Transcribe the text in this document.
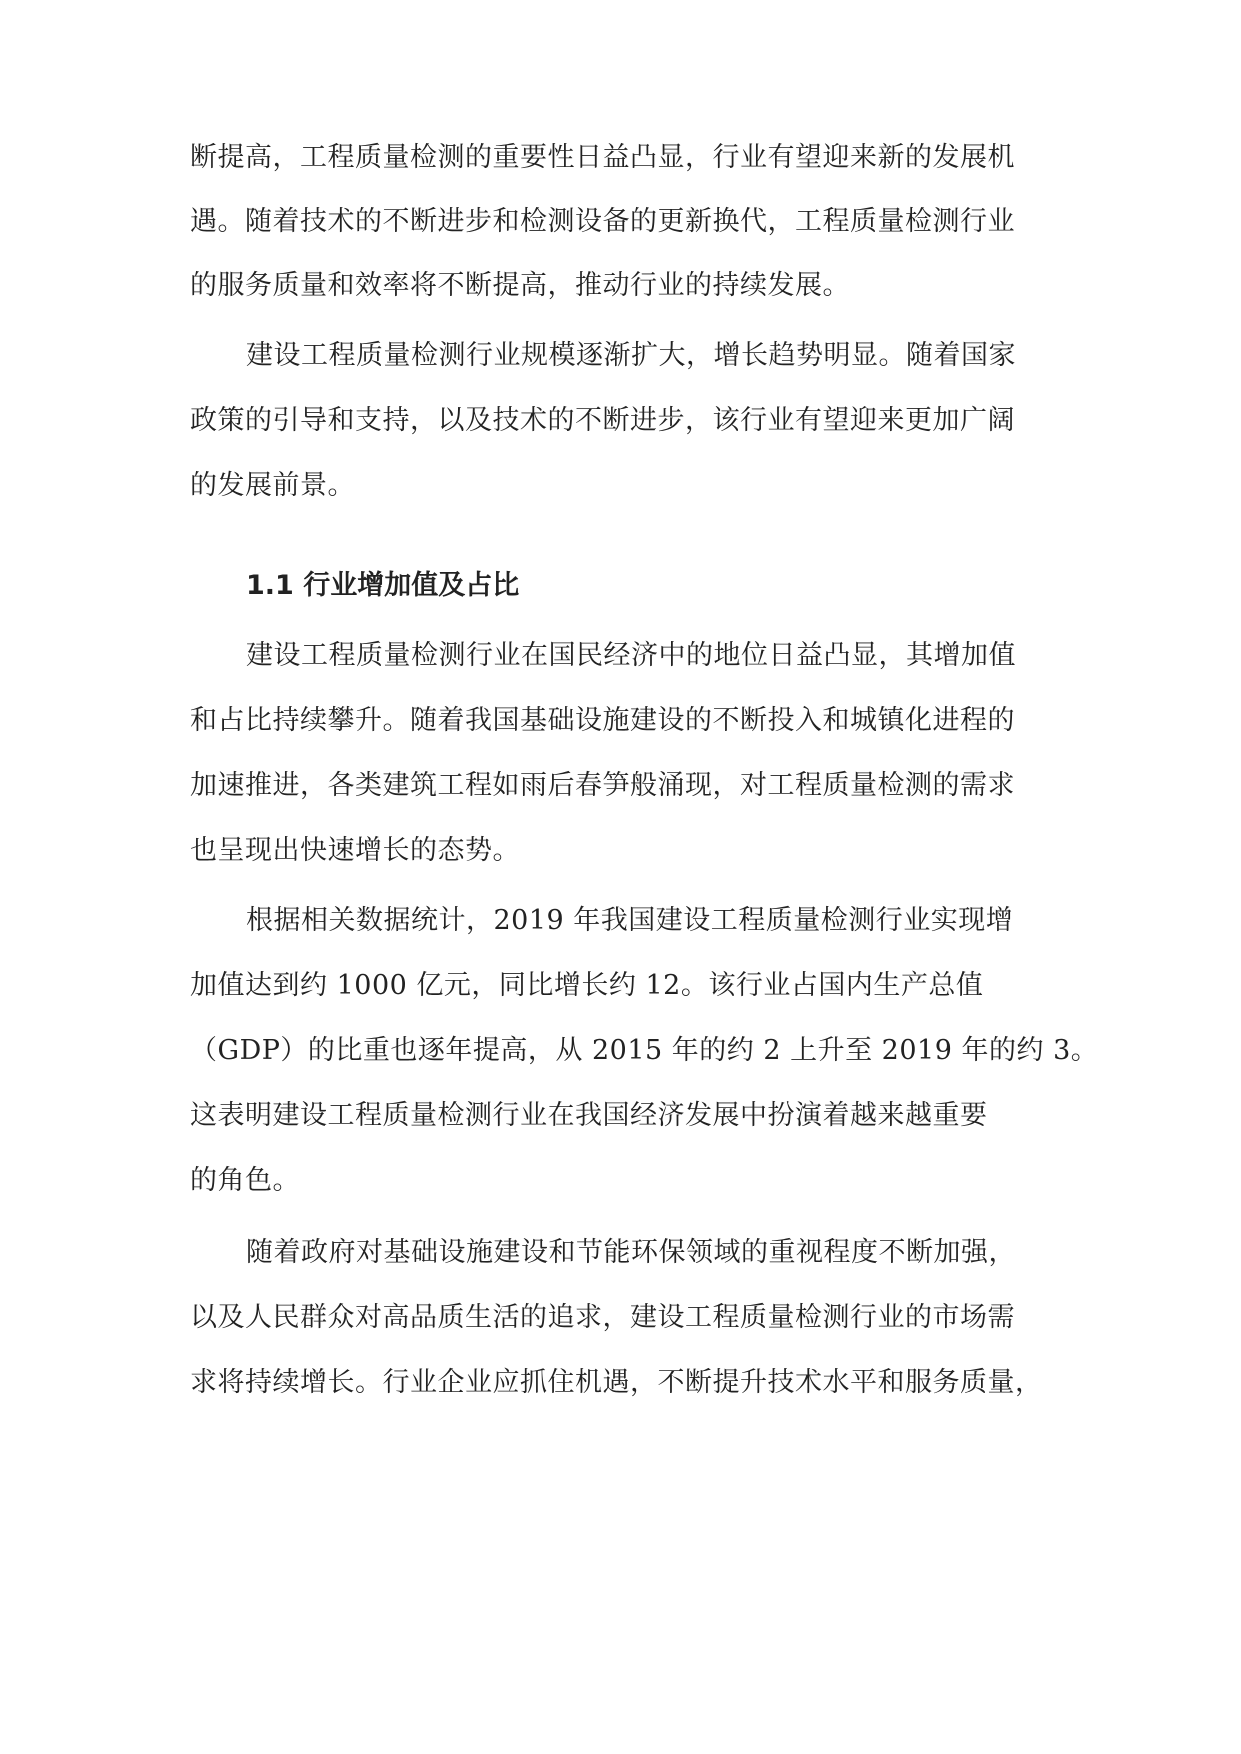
断提高，工程质量检测的重要性日益凸显，行业有望迎来新的发展机
遇。随着技术的不断进步和检测设备的更新换代，工程质量检测行业
的服务质量和效率将不断提高，推动行业的持续发展。
建设工程质量检测行业规模逐渐扩大，增长趋势明显。随着国家
政策的引导和支持，以及技术的不断进步，该行业有望迎来更加广阔
的发展前景。
1.1 行业增加值及占比
建设工程质量检测行业在国民经济中的地位日益凸显，其增加值
和占比持续攀升。随着我国基础设施建设的不断投入和城镇化进程的
加速推进，各类建筑工程如雨后春笋般涌现，对工程质量检测的需求
也呈现出快速增长的态势。
根据相关数据统计，2019 年我国建设工程质量检测行业实现增
加值达到约 1000 亿元，同比增长约 12。该行业占国内生产总值
（GDP）的比重也逐年提高，从 2015 年的约 2 上升至 2019 年的约 3。
这表明建设工程质量检测行业在我国经济发展中扮演着越来越重要
的角色。
随着政府对基础设施建设和节能环保领域的重视程度不断加强，
以及人民群众对高品质生活的追求，建设工程质量检测行业的市场需
求将持续增长。行业企业应抓住机遇，不断提升技术水平和服务质量，
